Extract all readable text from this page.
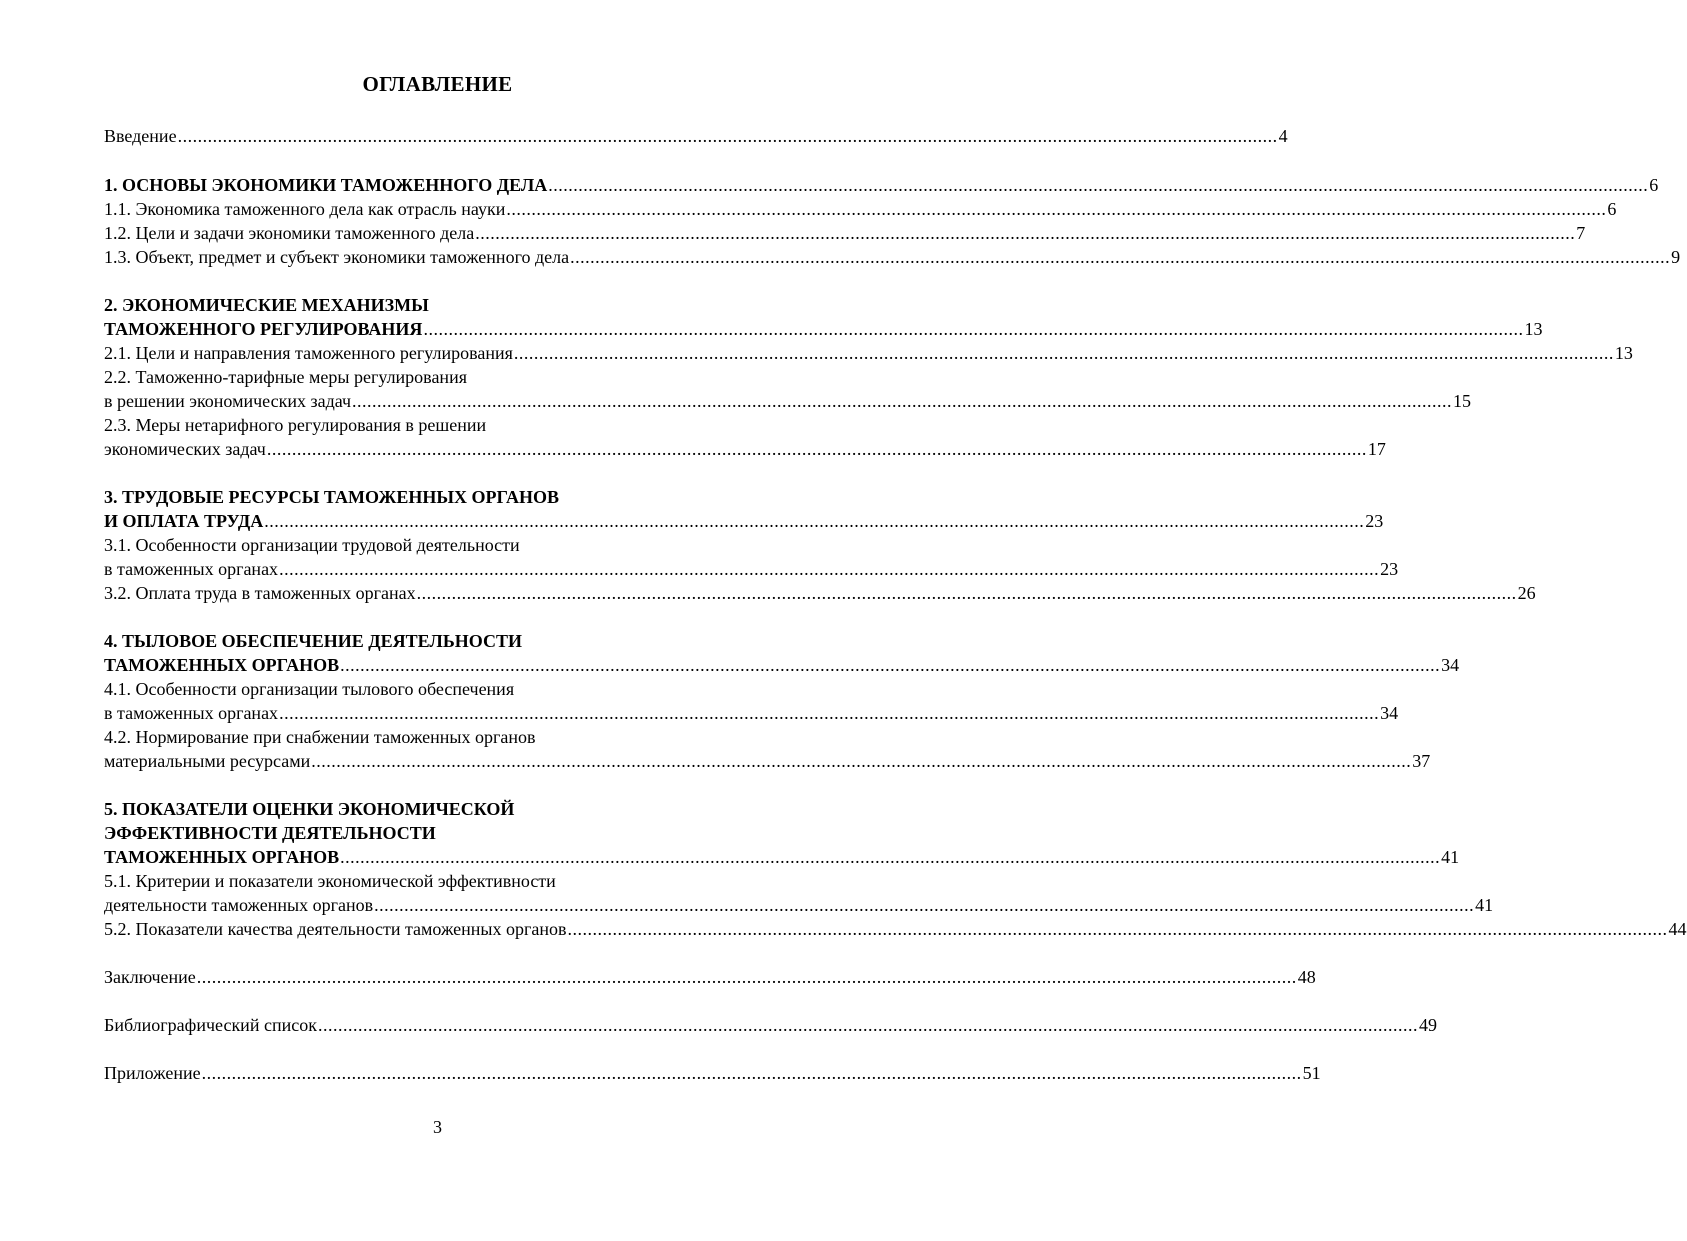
ОГЛАВЛЕНИЕ
Введение ............................................................................................................................................................................................................................ 4
1. ОСНОВЫ ЭКОНОМИКИ ТАМОЖЕННОГО ДЕЛА ............................................................................................................................................................................................................................ 6
1.1. Экономика таможенного дела как отрасль науки ............................................................................................................................................................................................................................ 6
1.2. Цели и задачи экономики таможенного дела ............................................................................................................................................................................................................................ 7
1.3. Объект, предмет и субъект экономики таможенного дела ............................................................................................................................................................................................................................ 9
2. ЭКОНОМИЧЕСКИЕ МЕХАНИЗМЫ
ТАМОЖЕННОГО РЕГУЛИРОВАНИЯ ............................................................................................................................................................................................................................ 13
2.1. Цели и направления таможенного регулирования ............................................................................................................................................................................................................................ 13
2.2. Таможенно-тарифные меры регулирования
в решении экономических задач ............................................................................................................................................................................................................................ 15
2.3. Меры нетарифного регулирования в решении
экономических задач ............................................................................................................................................................................................................................ 17
3. ТРУДОВЫЕ РЕСУРСЫ ТАМОЖЕННЫХ ОРГАНОВ
И ОПЛАТА ТРУДА ............................................................................................................................................................................................................................ 23
3.1. Особенности организации трудовой деятельности
в таможенных органах ............................................................................................................................................................................................................................ 23
3.2. Оплата труда в таможенных органах ............................................................................................................................................................................................................................ 26
4. ТЫЛОВОЕ ОБЕСПЕЧЕНИЕ ДЕЯТЕЛЬНОСТИ
ТАМОЖЕННЫХ ОРГАНОВ ............................................................................................................................................................................................................................ 34
4.1. Особенности организации тылового обеспечения
в таможенных органах ............................................................................................................................................................................................................................ 34
4.2. Нормирование при снабжении таможенных органов
материальными ресурсами ............................................................................................................................................................................................................................ 37
5. ПОКАЗАТЕЛИ ОЦЕНКИ ЭКОНОМИЧЕСКОЙ
ЭФФЕКТИВНОСТИ ДЕЯТЕЛЬНОСТИ
ТАМОЖЕННЫХ ОРГАНОВ ............................................................................................................................................................................................................................ 41
5.1. Критерии и показатели экономической эффективности
деятельности таможенных органов ............................................................................................................................................................................................................................ 41
5.2. Показатели качества деятельности таможенных органов ............................................................................................................................................................................................................................ 44
Заключение ............................................................................................................................................................................................................................ 48
Библиографический список ............................................................................................................................................................................................................................ 49
Приложение ............................................................................................................................................................................................................................ 51
3
